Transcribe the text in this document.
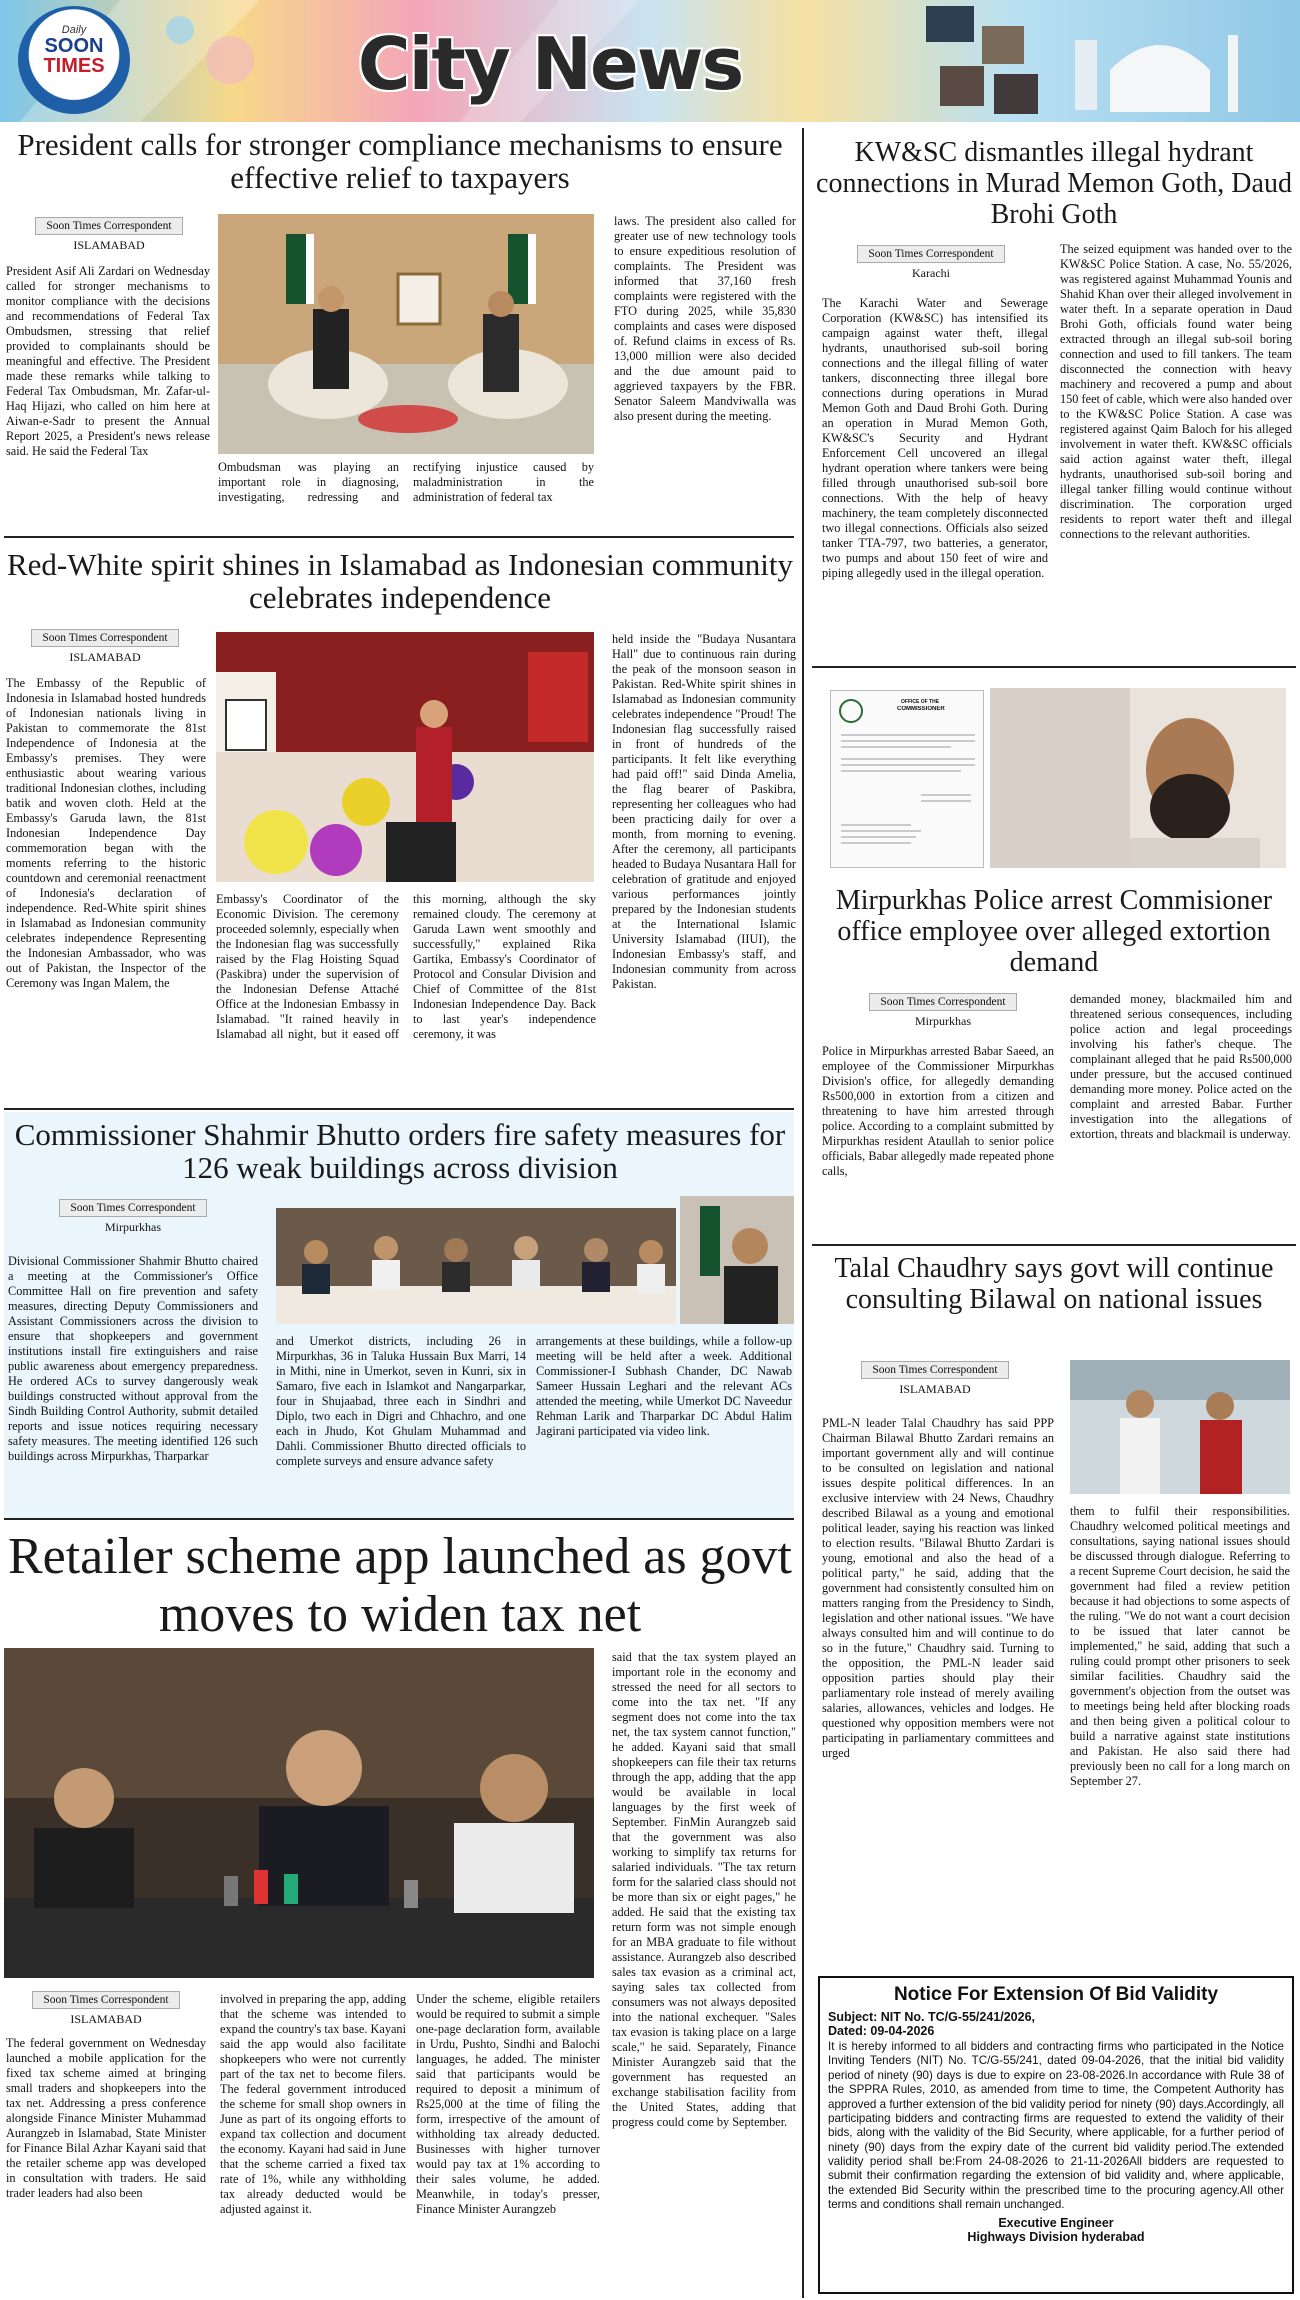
Daily
SOON
TIMES	City News
President calls for stronger compliance mechanisms to ensure effective relief to taxpayers
Soon Times Correspondent
ISLAMABAD
President Asif Ali Zardari on Wednesday called for stronger mechanisms to monitor compliance with the decisions and recommendations of Federal Tax Ombudsmen, stressing that relief provided to complainants should be meaningful and effective. The President made these remarks while talking to Federal Tax Ombudsman, Mr. Zafar-ul-Haq Hijazi, who called on him here at Aiwan-e-Sadr to present the Annual Report 2025, a President's news release said. He said the Federal Tax
Ombudsman was playing an important role in diagnosing, investigating, redressing and rectifying injustice caused by maladministration in the administration of federal tax
laws. The president also called for greater use of new technology tools to ensure expeditious resolution of complaints. The President was informed that 37,160 fresh complaints were registered with the FTO during 2025, while 35,830 complaints and cases were disposed of. Refund claims in excess of Rs. 13,000 million were also decided and the due amount paid to aggrieved taxpayers by the FBR. Senator Saleem Mandviwalla was also present during the meeting.
Red-White spirit shines in Islamabad as Indonesian community celebrates independence
Soon Times Correspondent
ISLAMABAD
The Embassy of the Republic of Indonesia in Islamabad hosted hundreds of Indonesian nationals living in Pakistan to commemorate the 81st Independence of Indonesia at the Embassy's premises. They were enthusiastic about wearing various traditional Indonesian clothes, including batik and woven cloth. Held at the Embassy's Garuda lawn, the 81st Indonesian Independence Day commemoration began with the moments referring to the historic countdown and ceremonial reenactment of Indonesia's declaration of independence. Red-White spirit shines in Islamabad as Indonesian community celebrates independence Representing the Indonesian Ambassador, who was out of Pakistan, the Inspector of the Ceremony was Ingan Malem, the
Embassy's Coordinator of the Economic Division. The ceremony proceeded solemnly, especially when the Indonesian flag was successfully raised by the Flag Hoisting Squad (Paskibra) under the supervision of the Indonesian Defense Attaché Office at the Indonesian Embassy in Islamabad. "It rained heavily in Islamabad all night, but it eased off this morning, although the sky remained cloudy. The ceremony at Garuda Lawn went smoothly and successfully," explained Rika Gartika, Embassy's Coordinator of Protocol and Consular Division and Chief of Committee of the 81st Indonesian Independence Day. Back to last year's independence ceremony, it was
held inside the "Budaya Nusantara Hall" due to continuous rain during the peak of the monsoon season in Pakistan. Red-White spirit shines in Islamabad as Indonesian community celebrates independence "Proud! The Indonesian flag successfully raised in front of hundreds of the participants. It felt like everything had paid off!" said Dinda Amelia, the flag bearer of Paskibra, representing her colleagues who had been practicing daily for over a month, from morning to evening. After the ceremony, all participants headed to Budaya Nusantara Hall for celebration of gratitude and enjoyed various performances jointly prepared by the Indonesian students at the International Islamic University Islamabad (IIUI), the Indonesian Embassy's staff, and Indonesian community from across Pakistan.
Commissioner Shahmir Bhutto orders fire safety measures for 126 weak buildings across division
Soon Times Correspondent
Mirpurkhas
Divisional Commissioner Shahmir Bhutto chaired a meeting at the Commissioner's Office Committee Hall on fire prevention and safety measures, directing Deputy Commissioners and Assistant Commissioners across the division to ensure that shopkeepers and government institutions install fire extinguishers and raise public awareness about emergency preparedness. He ordered ACs to survey dangerously weak buildings constructed without approval from the Sindh Building Control Authority, submit detailed reports and issue notices requiring necessary safety measures. The meeting identified 126 such buildings across Mirpurkhas, Tharparkar
and Umerkot districts, including 26 in Mirpurkhas, 36 in Taluka Hussain Bux Marri, 14 in Mithi, nine in Umerkot, seven in Kunri, six in Samaro, five each in Islamkot and Nangarparkar, four in Shujaabad, three each in Sindhri and Diplo, two each in Digri and Chhachro, and one each in Jhudo, Kot Ghulam Muhammad and Dahli. Commissioner Bhutto directed officials to complete surveys and ensure advance safety
arrangements at these buildings, while a follow-up meeting will be held after a week. Additional Commissioner-I Subhash Chander, DC Nawab Sameer Hussain Leghari and the relevant ACs attended the meeting, while Umerkot DC Naveedur Rehman Larik and Tharparkar DC Abdul Halim Jagirani participated via video link.
Retailer scheme app launched as govt moves to widen tax net
Soon Times Correspondent
ISLAMABAD
The federal government on Wednesday launched a mobile application for the fixed tax scheme aimed at bringing small traders and shopkeepers into the tax net. Addressing a press conference alongside Finance Minister Muhammad Aurangzeb in Islamabad, State Minister for Finance Bilal Azhar Kayani said that the retailer scheme app was developed in consultation with traders. He said trader leaders had also been
involved in preparing the app, adding that the scheme was intended to expand the country's tax base. Kayani said the app would also facilitate shopkeepers who were not currently part of the tax net to become filers. The federal government introduced the scheme for small shop owners in June as part of its ongoing efforts to expand tax collection and document the economy. Kayani had said in June that the scheme carried a fixed tax rate of 1%, while any withholding tax already deducted would be adjusted against it.
Under the scheme, eligible retailers would be required to submit a simple one-page declaration form, available in Urdu, Pushto, Sindhi and Balochi languages, he added. The minister said that participants would be required to deposit a minimum of Rs25,000 at the time of filing the form, irrespective of the amount of withholding tax already deducted. Businesses with higher turnover would pay tax at 1% according to their sales volume, he added. Meanwhile, in today's presser, Finance Minister Aurangzeb
said that the tax system played an important role in the economy and stressed the need for all sectors to come into the tax net. "If any segment does not come into the tax net, the tax system cannot function," he added. Kayani said that small shopkeepers can file their tax returns through the app, adding that the app would be available in local languages by the first week of September. FinMin Aurangzeb said that the government was also working to simplify tax returns for salaried individuals. "The tax return form for the salaried class should not be more than six or eight pages," he added. He said that the existing tax return form was not simple enough for an MBA graduate to file without assistance. Aurangzeb also described sales tax evasion as a criminal act, saying sales tax collected from consumers was not always deposited into the national exchequer. "Sales tax evasion is taking place on a large scale," he said. Separately, Finance Minister Aurangzeb said that the government has requested an exchange stabilisation facility from the United States, adding that progress could come by September.
KW&SC dismantles illegal hydrant connections in Murad Memon Goth, Daud Brohi Goth
Soon Times Correspondent
Karachi
The Karachi Water and Sewerage Corporation (KW&SC) has intensified its campaign against water theft, illegal hydrants, unauthorised sub-soil boring connections and the illegal filling of water tankers, disconnecting three illegal bore connections during operations in Murad Memon Goth and Daud Brohi Goth. During an operation in Murad Memon Goth, KW&SC's Security and Hydrant Enforcement Cell uncovered an illegal hydrant operation where tankers were being filled through unauthorised sub-soil bore connections. With the help of heavy machinery, the team completely disconnected two illegal connections. Officials also seized tanker TTA-797, two batteries, a generator, two pumps and about 150 feet of wire and piping allegedly used in the illegal operation.
The seized equipment was handed over to the KW&SC Police Station. A case, No. 55/2026, was registered against Muhammad Younis and Shahid Khan over their alleged involvement in water theft. In a separate operation in Daud Brohi Goth, officials found water being extracted through an illegal sub-soil boring connection and used to fill tankers. The team disconnected the connection with heavy machinery and recovered a pump and about 150 feet of cable, which were also handed over to the KW&SC Police Station. A case was registered against Qaim Baloch for his alleged involvement in water theft. KW&SC officials said action against water theft, illegal hydrants, unauthorised sub-soil boring and illegal tanker filling would continue without discrimination. The corporation urged residents to report water theft and illegal connections to the relevant authorities.
OFFICE OF THE
COMMISSIONER
Mirpurkhas Police arrest Commisioner office employee over alleged extortion demand
Soon Times Correspondent
Mirpurkhas
Police in Mirpurkhas arrested Babar Saeed, an employee of the Commissioner Mirpurkhas Division's office, for allegedly demanding Rs500,000 in extortion from a citizen and threatening to have him arrested through police. According to a complaint submitted by Mirpurkhas resident Ataullah to senior police officials, Babar allegedly made repeated phone calls,
demanded money, blackmailed him and threatened serious consequences, including police action and legal proceedings involving his father's cheque. The complainant alleged that he paid Rs500,000 under pressure, but the accused continued demanding more money. Police acted on the complaint and arrested Babar. Further investigation into the allegations of extortion, threats and blackmail is underway.
Talal Chaudhry says govt will continue consulting Bilawal on national issues
Soon Times Correspondent
ISLAMABAD
PML-N leader Talal Chaudhry has said PPP Chairman Bilawal Bhutto Zardari remains an important government ally and will continue to be consulted on legislation and national issues despite political differences. In an exclusive interview with 24 News, Chaudhry described Bilawal as a young and emotional political leader, saying his reaction was linked to election results. "Bilawal Bhutto Zardari is young, emotional and also the head of a political party," he said, adding that the government had consistently consulted him on matters ranging from the Presidency to Sindh, legislation and other national issues. "We have always consulted him and will continue to do so in the future," Chaudhry said. Turning to the opposition, the PML-N leader said opposition parties should play their parliamentary role instead of merely availing salaries, allowances, vehicles and lodges. He questioned why opposition members were not participating in parliamentary committees and urged
them to fulfil their responsibilities. Chaudhry welcomed political meetings and consultations, saying national issues should be discussed through dialogue. Referring to a recent Supreme Court decision, he said the government had filed a review petition because it had objections to some aspects of the ruling. "We do not want a court decision to be issued that later cannot be implemented," he said, adding that such a ruling could prompt other prisoners to seek similar facilities. Chaudhry said the government's objection from the outset was to meetings being held after blocking roads and then being given a political colour to build a narrative against state institutions and Pakistan. He also said there had previously been no call for a long march on September 27.
Notice For Extension Of Bid Validity
Subject: NIT No. TC/G-55/241/2026,
Dated: 09-04-2026
It is hereby informed to all bidders and contracting firms who participated in the Notice Inviting Tenders (NIT) No. TC/G-55/241, dated 09-04-2026, that the initial bid validity period of ninety (90) days is due to expire on 23-08-2026.In accordance with Rule 38 of the SPPRA Rules, 2010, as amended from time to time, the Competent Authority has approved a further extension of the bid validity period for ninety (90) days.Accordingly, all participating bidders and contracting firms are requested to extend the validity of their bids, along with the validity of the Bid Security, where applicable, for a further period of ninety (90) days from the expiry date of the current bid validity period.The extended validity period shall be:From 24-08-2026 to 21-11-2026All bidders are requested to submit their confirmation regarding the extension of bid validity and, where applicable, the extended Bid Security within the prescribed time to the procuring agency.All other terms and conditions shall remain unchanged.
Executive Engineer
Highways Division hyderabad
